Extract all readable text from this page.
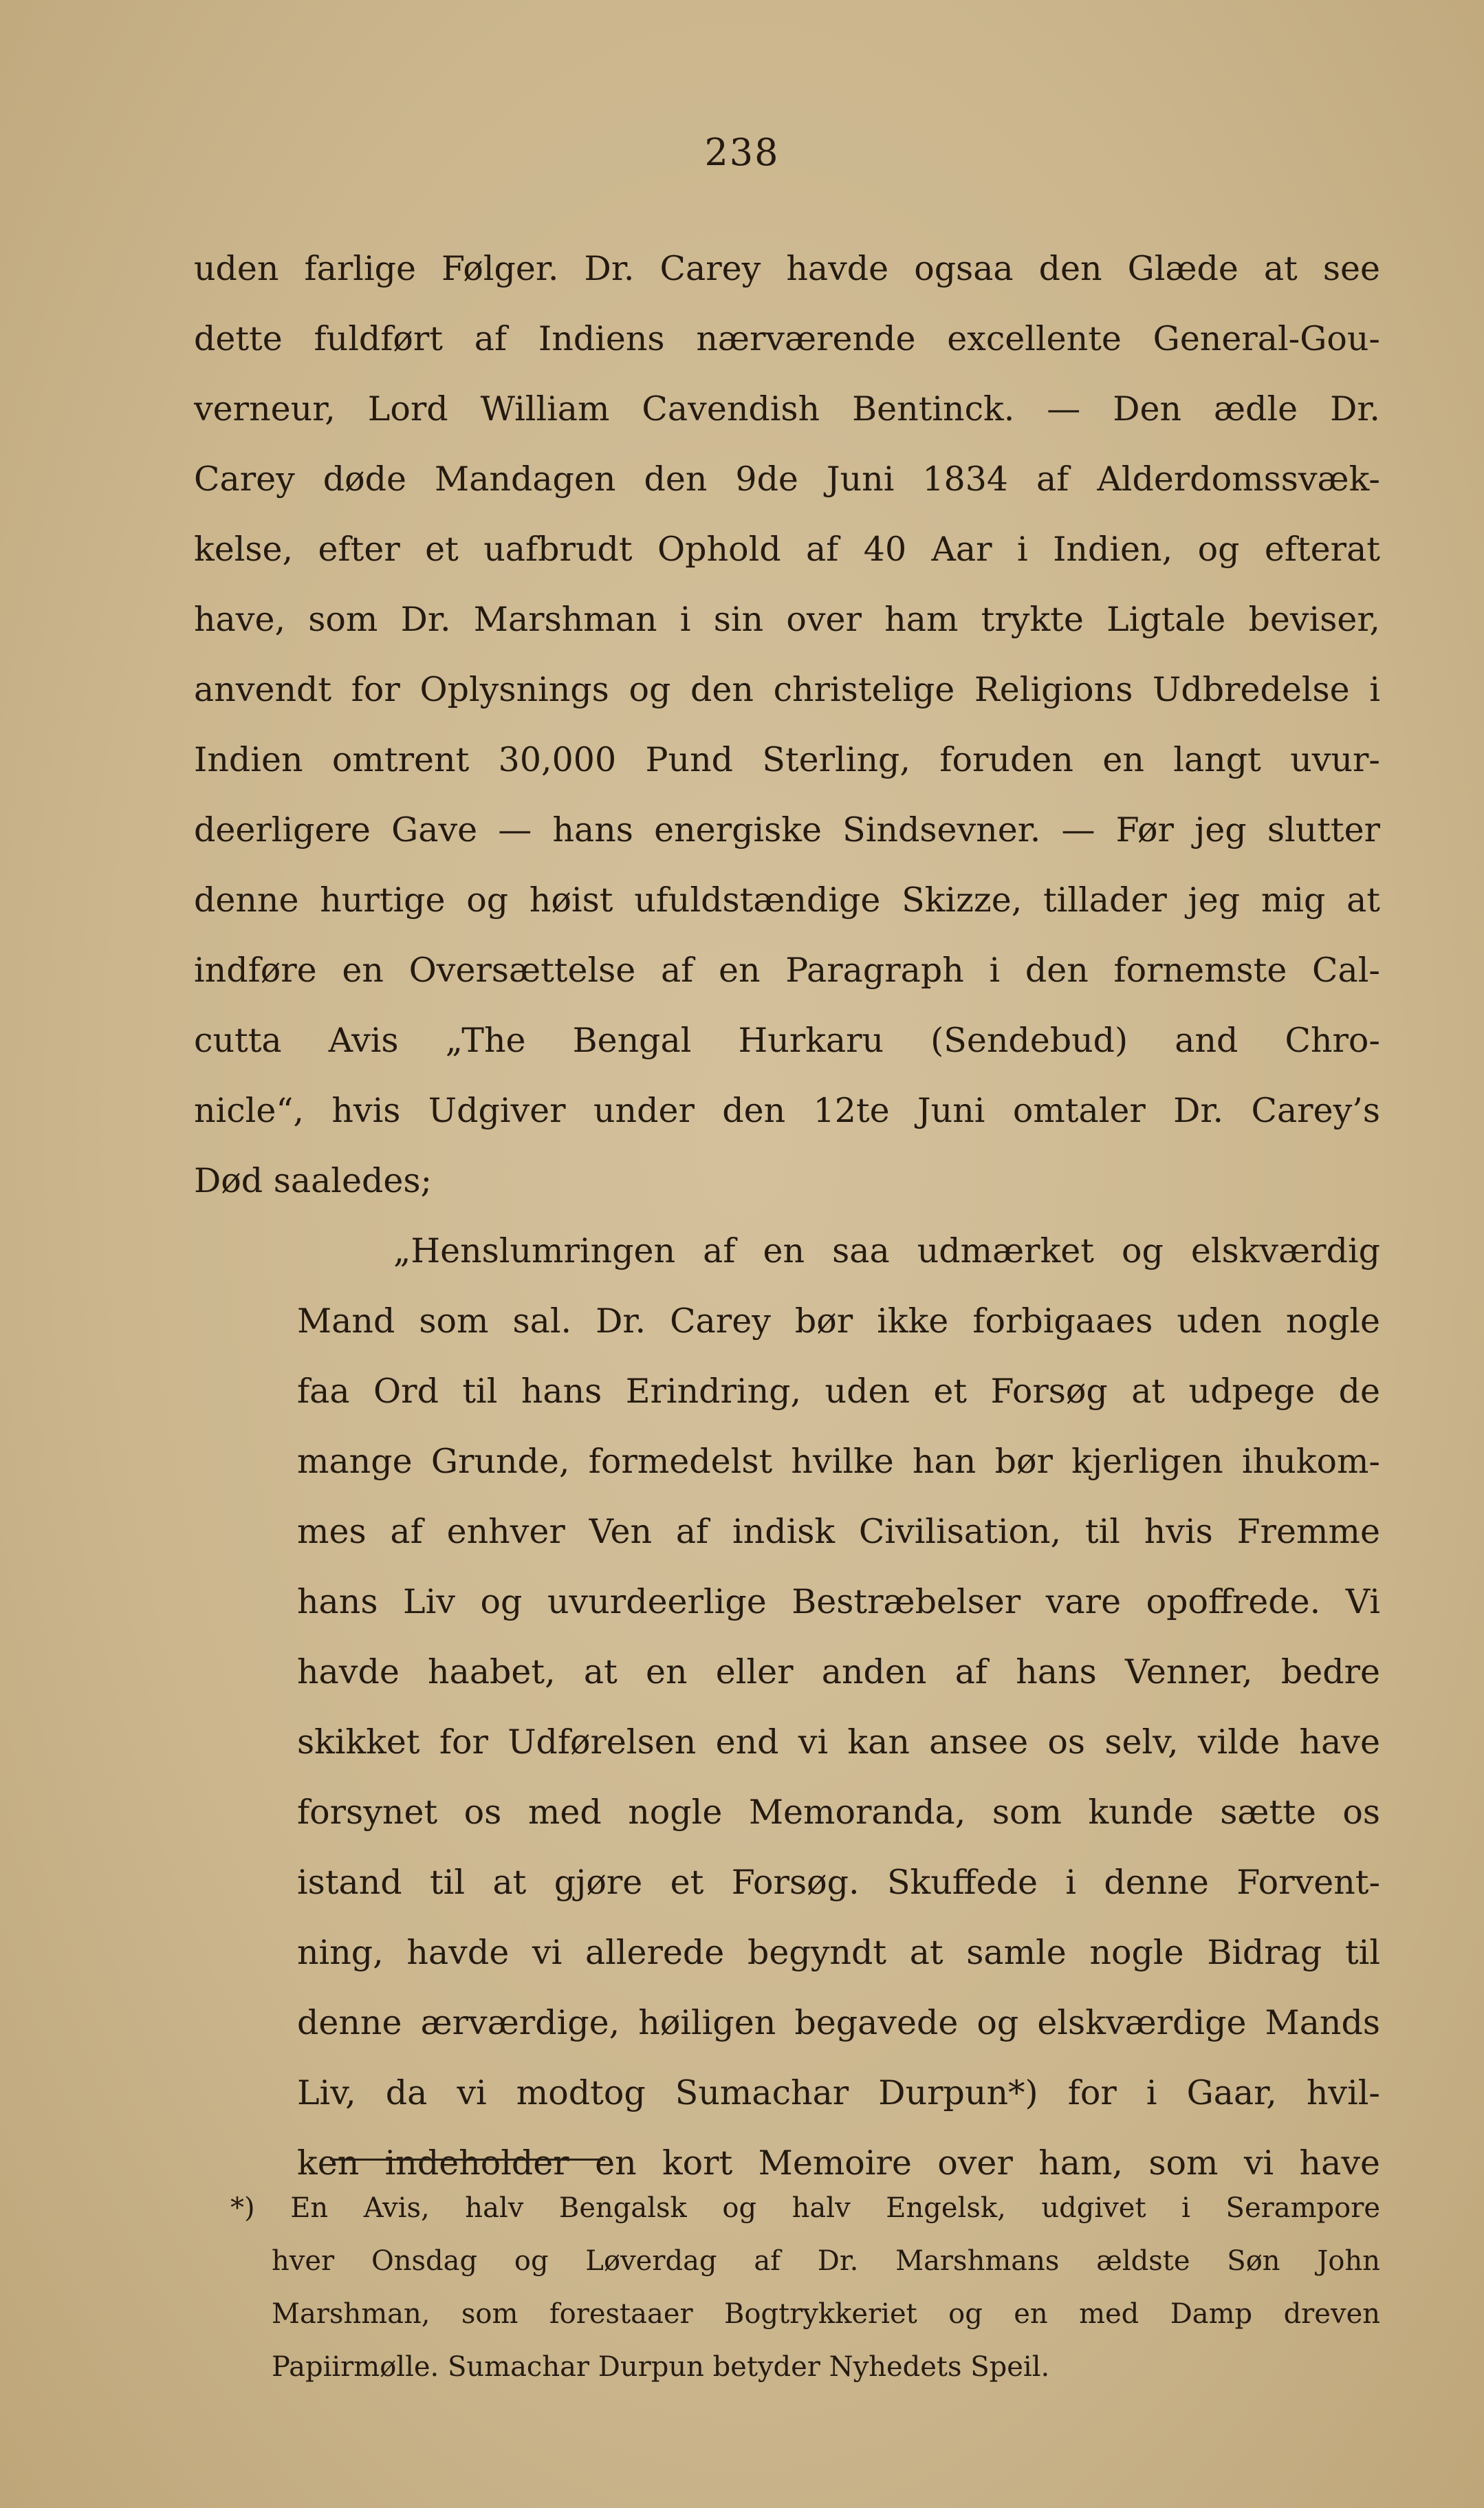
238
uden farlige Følger. Dr. Carey havde ogsaa den Glæde at see
dette fuldført af Indiens nærværende excellente General-Gou-
verneur, Lord William Cavendish Bentinck. — Den ædle Dr.
Carey døde Mandagen den 9de Juni 1834 af Alderdomssvæk-
kelse, efter et uafbrudt Ophold af 40 Aar i Indien, og efterat
have, som Dr. Marshman i sin over ham trykte Ligtale beviser,
anvendt for Oplysnings og den christelige Religions Udbredelse i
Indien omtrent 30,000 Pund Sterling, foruden en langt uvur-
deerligere Gave — hans energiske Sindsevner. — Før jeg slutter
denne hurtige og høist ufuldstændige Skizze, tillader jeg mig at
indføre en Oversættelse af en Paragraph i den fornemste Cal-
cutta Avis „The Bengal Hurkaru (Sendebud) and Chro-
nicle“, hvis Udgiver under den 12te Juni omtaler Dr. Carey’s
Død saaledes;
„Henslumringen af en saa udmærket og elskværdig
Mand som sal. Dr. Carey bør ikke forbigaaes uden nogle
faa Ord til hans Erindring, uden et Forsøg at udpege de
mange Grunde, formedelst hvilke han bør kjerligen ihukom-
mes af enhver Ven af indisk Civilisation, til hvis Fremme
hans Liv og uvurdeerlige Bestræbelser vare opoffrede. Vi
havde haabet, at en eller anden af hans Venner, bedre
skikket for Udførelsen end vi kan ansee os selv, vilde have
forsynet os med nogle Memoranda, som kunde sætte os
istand til at gjøre et Forsøg. Skuffede i denne Forvent-
ning, havde vi allerede begyndt at samle nogle Bidrag til
denne ærværdige, høiligen begavede og elskværdige Mands
Liv, da vi modtog Sumachar Durpun*) for i Gaar, hvil-
ken indeholder en kort Memoire over ham, som vi have
*) En Avis, halv Bengalsk og halv Engelsk, udgivet i Serampore
hver Onsdag og Løverdag af Dr. Marshmans ældste Søn John
Marshman, som forestaaer Bogtrykkeriet og en med Damp dreven
Papiirmølle. Sumachar Durpun betyder Nyhedets Speil.
